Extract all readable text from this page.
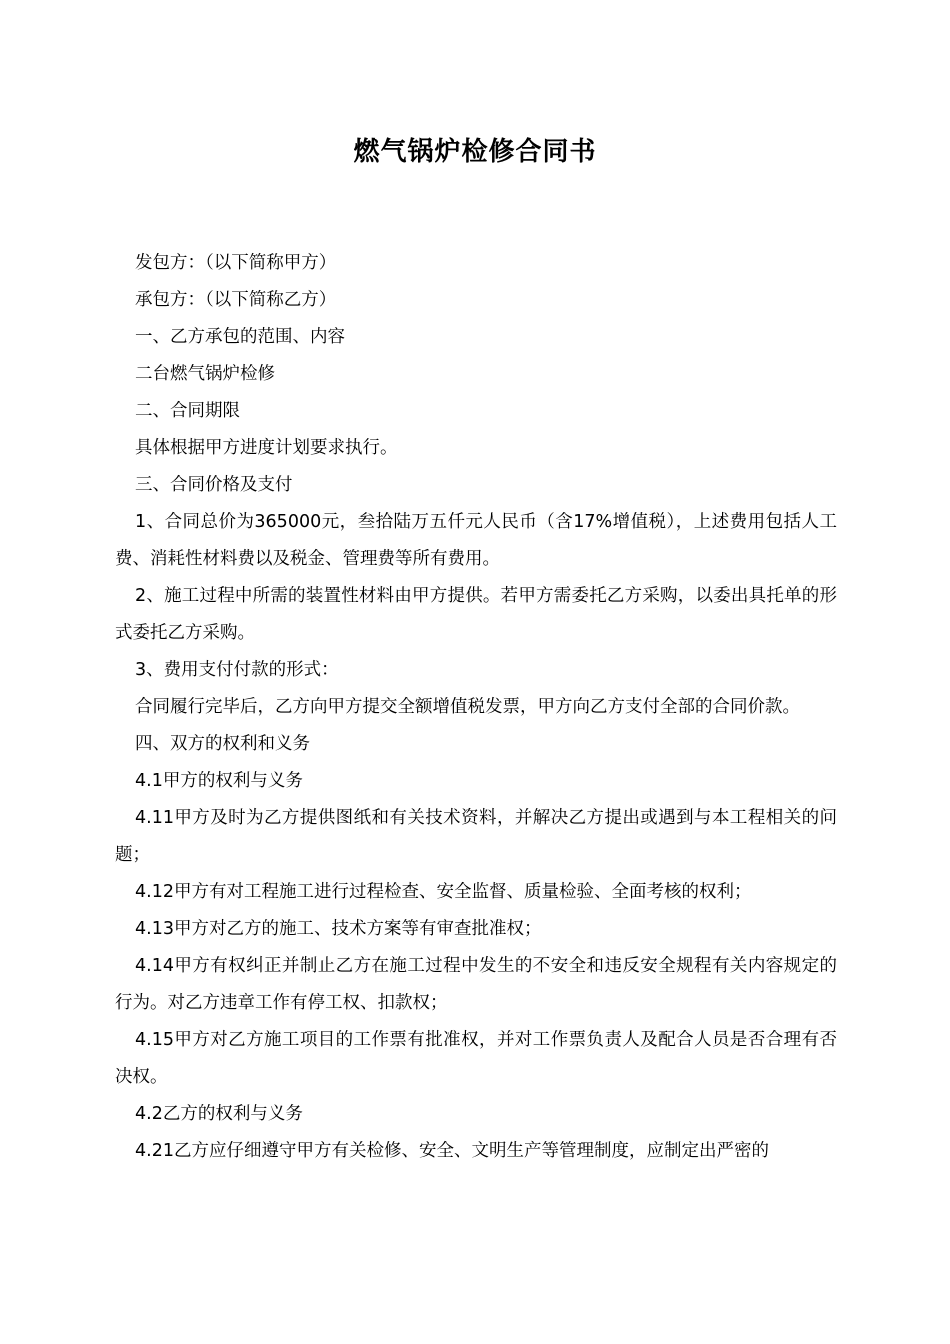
燃气锅炉检修合同书

发包方：（以下简称甲方）

承包方：（以下简称乙方）

一、乙方承包的范围、内容

二台燃气锅炉检修

二、合同期限

具体根据甲方进度计划要求执行。

三、合同价格及支付

1、合同总价为365000元，叁拾陆万五仟元人民币（含17%增值税），上述费用包括人工费、消耗性材料费以及税金、管理费等所有费用。

2、施工过程中所需的装置性材料由甲方提供。若甲方需委托乙方采购，以委出具托单的形式委托乙方采购。

3、费用支付付款的形式：

合同履行完毕后，乙方向甲方提交全额增值税发票，甲方向乙方支付全部的合同价款。

四、双方的权利和义务

4.1甲方的权利与义务

4.11甲方及时为乙方提供图纸和有关技术资料，并解决乙方提出或遇到与本工程相关的问题；

4.12甲方有对工程施工进行过程检查、安全监督、质量检验、全面考核的权利；

4.13甲方对乙方的施工、技术方案等有审查批准权；

4.14甲方有权纠正并制止乙方在施工过程中发生的不安全和违反安全规程有关内容规定的行为。对乙方违章工作有停工权、扣款权；

4.15甲方对乙方施工项目的工作票有批准权，并对工作票负责人及配合人员是否合理有否决权。

4.2乙方的权利与义务

4.21乙方应仔细遵守甲方有关检修、安全、文明生产等管理制度，应制定出严密的
